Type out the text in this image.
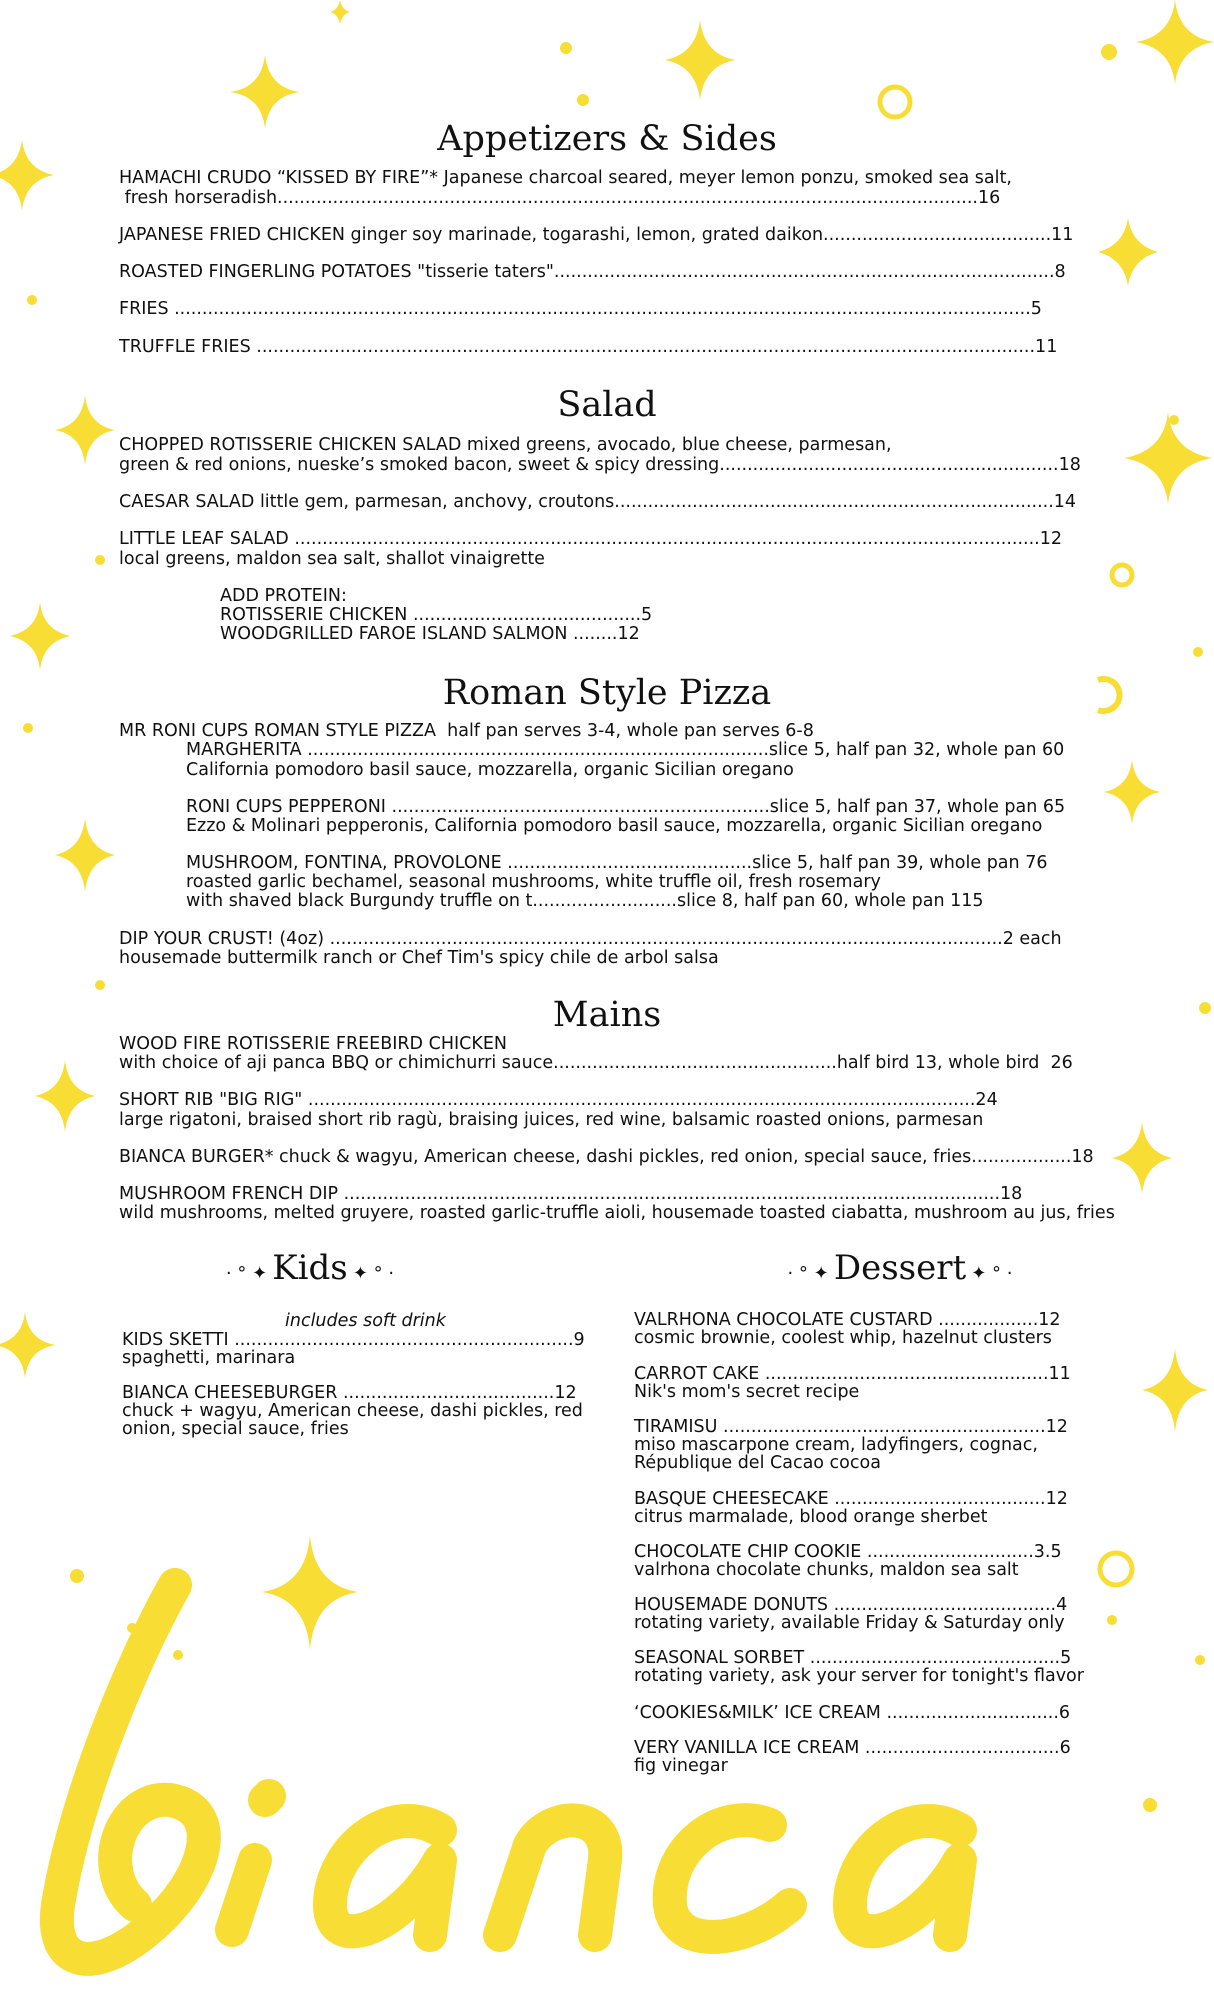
Appetizers & Sides
HAMACHI CRUDO “KISSED BY FIRE”* Japanese charcoal seared, meyer lemon ponzu, smoked sea salt,
fresh horseradish..............................................................................................................................16
JAPANESE FRIED CHICKEN ginger soy marinade, togarashi, lemon, grated daikon.........................................11
ROASTED FINGERLING POTATOES "tisserie taters"..........................................................................................8
FRIES ..........................................................................................................................................................5
TRUFFLE FRIES ............................................................................................................................................11
Salad
CHOPPED ROTISSERIE CHICKEN SALAD mixed greens, avocado, blue cheese, parmesan,
green & red onions, nueske’s smoked bacon, sweet & spicy dressing.............................................................18
CAESAR SALAD little gem, parmesan, anchovy, croutons...............................................................................14
LITTLE LEAF SALAD ......................................................................................................................................12
local greens, maldon sea salt, shallot vinaigrette
ADD PROTEIN:
ROTISSERIE CHICKEN .........................................5
WOODGRILLED FAROE ISLAND SALMON ........12
Roman Style Pizza
MR RONI CUPS ROMAN STYLE PIZZA  half pan serves 3-4, whole pan serves 6-8
MARGHERITA ...................................................................................slice 5, half pan 32, whole pan 60
California pomodoro basil sauce, mozzarella, organic Sicilian oregano
RONI CUPS PEPPERONI ....................................................................slice 5, half pan 37, whole pan 65
Ezzo & Molinari pepperonis, California pomodoro basil sauce, mozzarella, organic Sicilian oregano
MUSHROOM, FONTINA, PROVOLONE ............................................slice 5, half pan 39, whole pan 76
roasted garlic bechamel, seasonal mushrooms, white truffle oil, fresh rosemary
with shaved black Burgundy truffle on t..........................slice 8, half pan 60, whole pan 115
DIP YOUR CRUST! (4oz) .........................................................................................................................2 each
housemade buttermilk ranch or Chef Tim's spicy chile de arbol salsa
Mains
WOOD FIRE ROTISSERIE FREEBIRD CHICKEN
with choice of aji panca BBQ or chimichurri sauce...................................................half bird 13, whole bird  26
SHORT RIB "BIG RIG" ........................................................................................................................24
large rigatoni, braised short rib ragù, braising juices, red wine, balsamic roasted onions, parmesan
BIANCA BURGER* chuck & wagyu, American cheese, dashi pickles, red onion, special sauce, fries..................18
MUSHROOM FRENCH DIP ......................................................................................................................18
wild mushrooms, melted gruyere, roasted garlic-truffle aioli, housemade toasted ciabatta, mushroom au jus, fries
· ° ✦ Kids ✦ ° ·
includes soft drink
KIDS SKETTI .............................................................9
spaghetti, marinara
BIANCA CHEESEBURGER ......................................12
chuck + wagyu, American cheese, dashi pickles, red
onion, special sauce, fries
· ° ✦ Dessert ✦ ° ·
VALRHONA CHOCOLATE CUSTARD ..................12
cosmic brownie, coolest whip, hazelnut clusters
CARROT CAKE ...................................................11
Nik's mom's secret recipe
TIRAMISU ..........................................................12
miso mascarpone cream, ladyfingers, cognac,
République del Cacao cocoa
BASQUE CHEESECAKE ......................................12
citrus marmalade, blood orange sherbet
CHOCOLATE CHIP COOKIE ..............................3.5
valrhona chocolate chunks, maldon sea salt
HOUSEMADE DONUTS ........................................4
rotating variety, available Friday & Saturday only
SEASONAL SORBET .............................................5
rotating variety, ask your server for tonight's flavor
‘COOKIES&MILK’ ICE CREAM ...............................6
VERY VANILLA ICE CREAM ...................................6
fig vinegar
